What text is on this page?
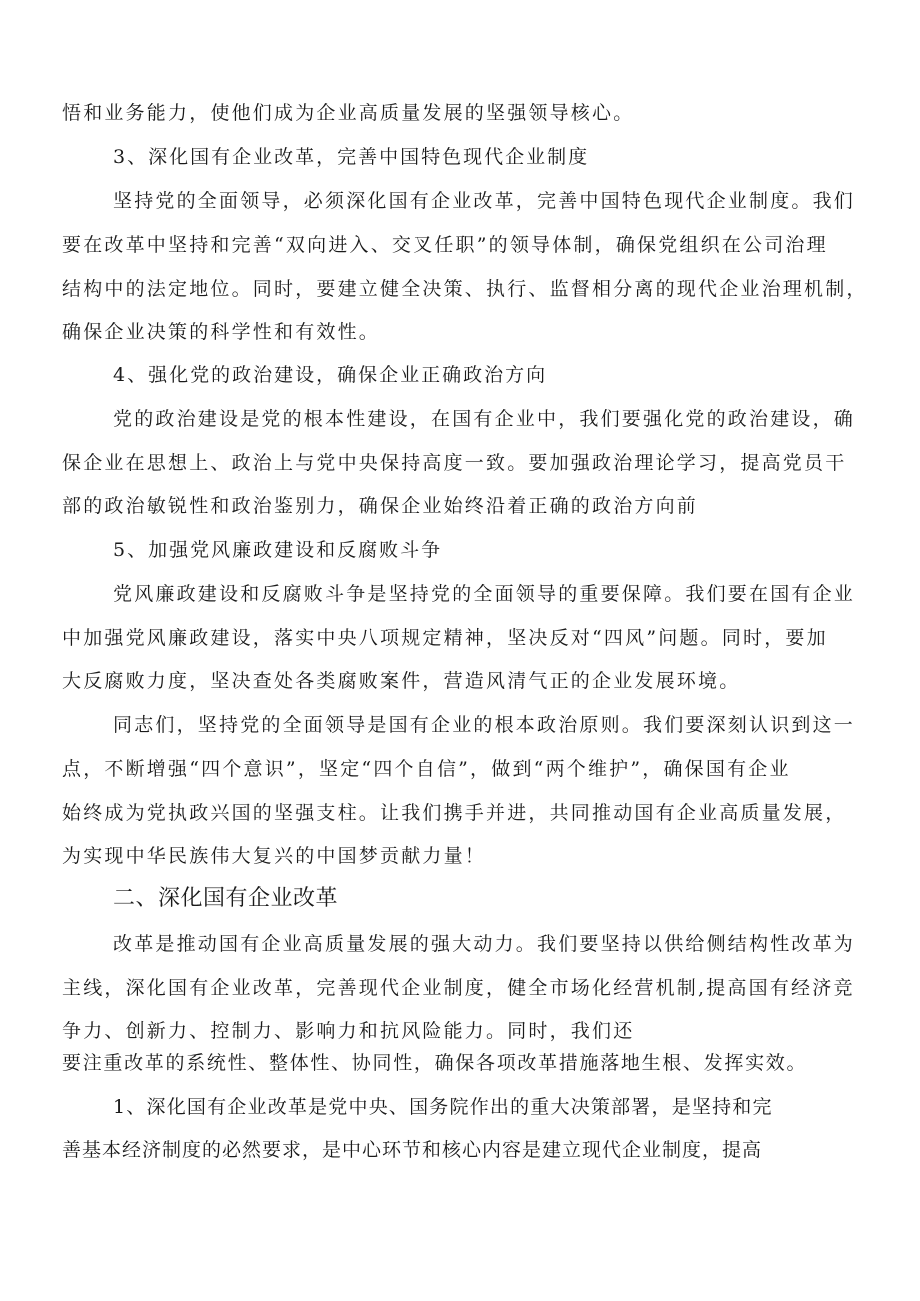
悟和业务能力，使他们成为企业高质量发展的坚强领导核心。
3、深化国有企业改革，完善中国特色现代企业制度
坚持党的全面领导，必须深化国有企业改革，完善中国特色现代企业制度。我们
要在改革中坚持和完善“双向进入、交叉任职”的领导体制，确保党组织在公司治理
结构中的法定地位。同时，要建立健全决策、执行、监督相分离的现代企业治理机制，
确保企业决策的科学性和有效性。
4、强化党的政治建设，确保企业正确政治方向
党的政治建设是党的根本性建设，在国有企业中，我们要强化党的政治建设，确
保企业在思想上、政治上与党中央保持高度一致。要加强政治理论学习，提高党员干
部的政治敏锐性和政治鉴别力，确保企业始终沿着正确的政治方向前
5、加强党风廉政建设和反腐败斗争
党风廉政建设和反腐败斗争是坚持党的全面领导的重要保障。我们要在国有企业
中加强党风廉政建设，落实中央八项规定精神，坚决反对“四风”问题。同时，要加
大反腐败力度，坚决查处各类腐败案件，营造风清气正的企业发展环境。
同志们，坚持党的全面领导是国有企业的根本政治原则。我们要深刻认识到这一
点，不断增强“四个意识”，坚定“四个自信”，做到“两个维护”，确保国有企业
始终成为党执政兴国的坚强支柱。让我们携手并进，共同推动国有企业高质量发展，
为实现中华民族伟大复兴的中国梦贡献力量！
二、深化国有企业改革
改革是推动国有企业高质量发展的强大动力。我们要坚持以供给侧结构性改革为
主线，深化国有企业改革，完善现代企业制度，健全市场化经营机制,提高国有经济竞
争力、创新力、控制力、影响力和抗风险能力。同时，我们还
要注重改革的系统性、整体性、协同性，确保各项改革措施落地生根、发挥实效。
1、深化国有企业改革是党中央、国务院作出的重大决策部署，是坚持和完
善基本经济制度的必然要求，是中心环节和核心内容是建立现代企业制度，提高
